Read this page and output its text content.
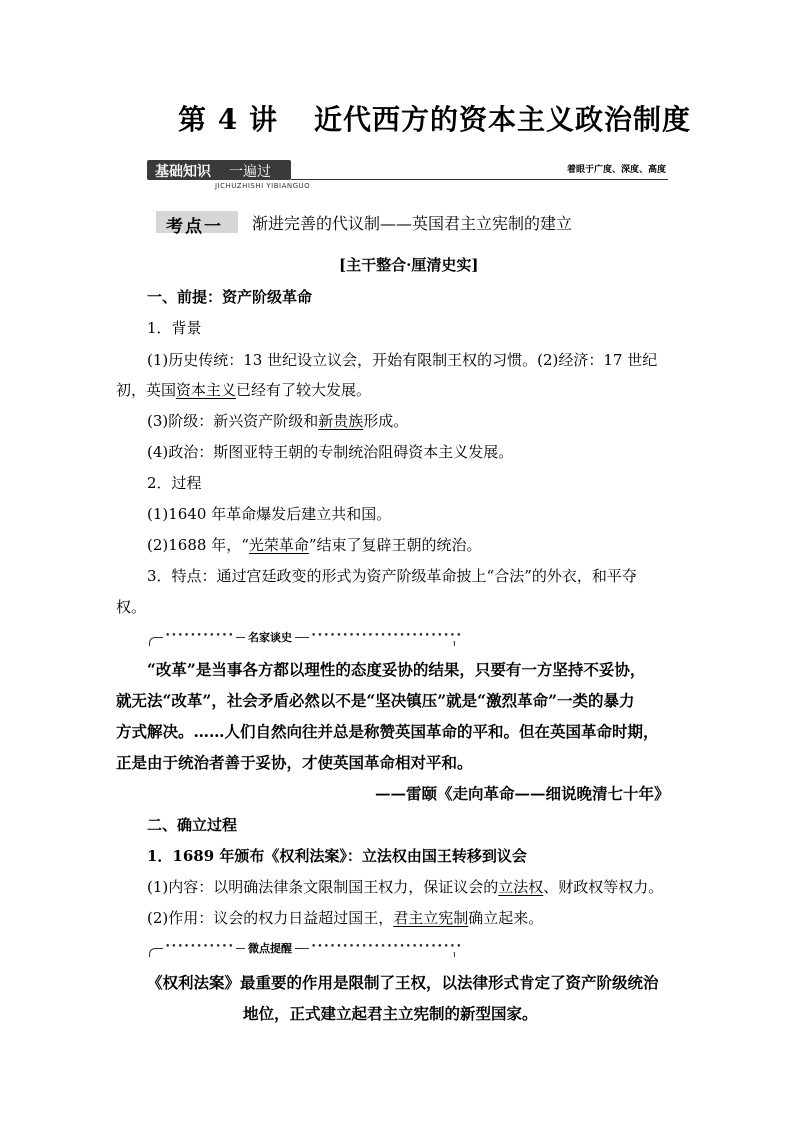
第 4 讲 近代西方的资本主义政治制度
基础知识 一遍过
JICHUZHISHI YIBIANGUO
着眼于广度、深度、高度
考点一 渐进完善的代议制——英国君主立宪制的建立
[主干整合·厘清史实]
一、前提：资产阶级革命
1．背景
(1)历史传统：13 世纪设立议会，开始有限制王权的习惯。(2)经济：17 世纪
初，英国资本主义已经有了较大发展。
(3)阶级：新兴资产阶级和新贵族形成。
(4)政治：斯图亚特王朝的专制统治阻碍资本主义发展。
2．过程
(1)1640 年革命爆发后建立共和国。
(2)1688 年，“光荣革命”结束了复辟王朝的统治。
3．特点：通过宫廷政变的形式为资产阶级革命披上“合法”的外衣，和平夺
权。
••••••••••• 名家谈史	••••••••••••••••••••••••
“改革”是当事各方都以理性的态度妥协的结果，只要有一方坚持不妥协，
就无法“改革”，社会矛盾必然以不是“坚决镇压”就是“激烈革命”一类的暴力
方式解决。……人们自然向往并总是称赞英国革命的平和。但在英国革命时期，
正是由于统治者善于妥协，才使英国革命相对平和。
——雷颐《走向革命——细说晚清七十年》
二、确立过程
1．1689 年颁布《权利法案》：立法权由国王转移到议会
(1)内容：以明确法律条文限制国王权力，保证议会的立法权、财政权等权力。
(2)作用：议会的权力日益超过国王，君主立宪制确立起来。
••••••••••• 微点提醒	••••••••••••••••••••••••
《权利法案》最重要的作用是限制了王权，以法律形式肯定了资产阶级统治
地位，正式建立起君主立宪制的新型国家。
